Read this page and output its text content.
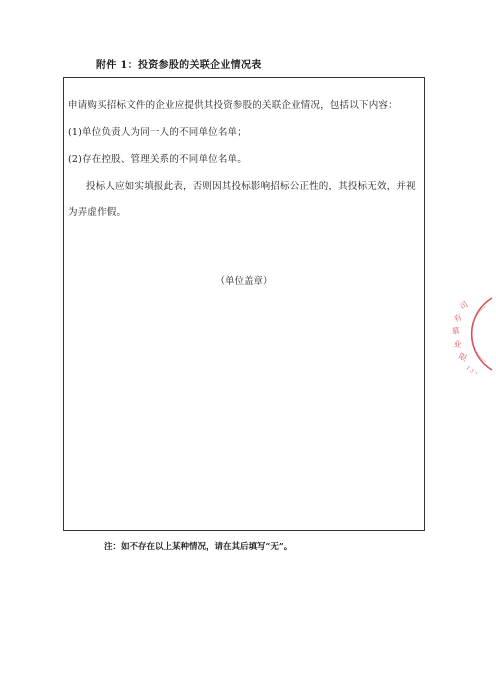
附件 1：投资参股的关联企业情况表
申请购买招标文件的企业应提供其投资参股的关联企业情况，包括以下内容：
(1)单位负责人为同一人的不同单位名单；
(2)存在控股、管理关系的不同单位名单。
投标人应如实填报此表，否则因其投标影响招标公正性的，其投标无效，并视
为弄虚作假。
（单位盖章）
注：如不存在以上某种情况，请在其后填写“无”。
司
有
慕
业
限
1 3 2
